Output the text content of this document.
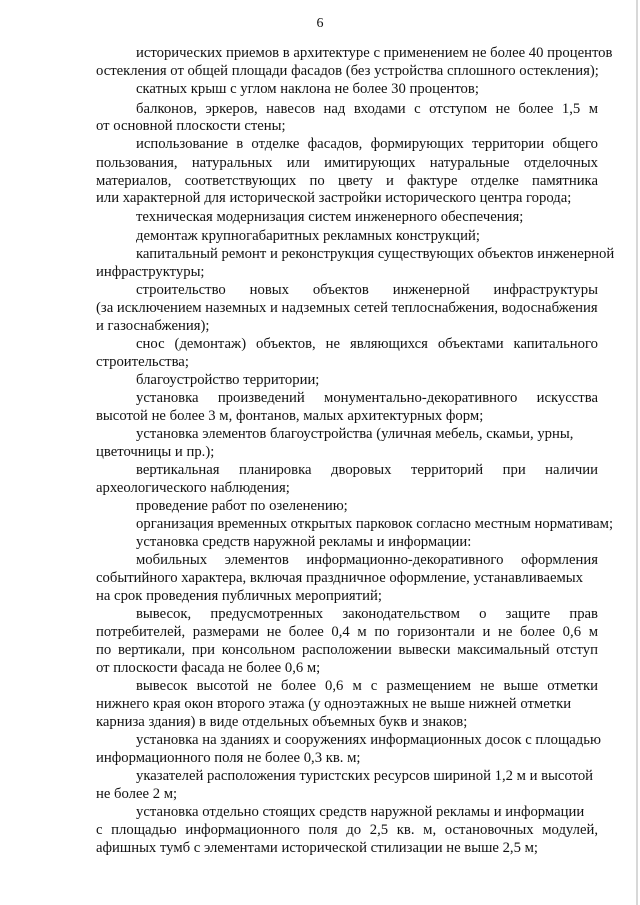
6
исторических приемов в архитектуре с применением не более 40 процентов
остекления от общей площади фасадов (без устройства сплошного остекления);
скатных крыш с углом наклона не более 30 процентов;
балконов, эркеров, навесов над входами с отступом не более 1,5 м
от основной плоскости стены;
использование в отделке фасадов, формирующих территории общего
пользования, натуральных или имитирующих натуральные отделочных
материалов, соответствующих по цвету и фактуре отделке памятника
или характерной для исторической застройки исторического центра города;
техническая модернизация систем инженерного обеспечения;
демонтаж крупногабаритных рекламных конструкций;
капитальный ремонт и реконструкция существующих объектов инженерной
инфраструктуры;
строительство новых объектов инженерной инфраструктуры
(за исключением наземных и надземных сетей теплоснабжения, водоснабжения
и газоснабжения);
снос (демонтаж) объектов, не являющихся объектами капитального
строительства;
благоустройство территории;
установка произведений монументально-декоративного искусства
высотой не более 3 м, фонтанов, малых архитектурных форм;
установка элементов благоустройства (уличная мебель, скамьи, урны,
цветочницы и пр.);
вертикальная планировка дворовых территорий при наличии
археологического наблюдения;
проведение работ по озеленению;
организация временных открытых парковок согласно местным нормативам;
установка средств наружной рекламы и информации:
мобильных элементов информационно-декоративного оформления
событийного характера, включая праздничное оформление, устанавливаемых
на срок проведения публичных мероприятий;
вывесок, предусмотренных законодательством о защите прав
потребителей, размерами не более 0,4 м по горизонтали и не более 0,6 м
по вертикали, при консольном расположении вывески максимальный отступ
от плоскости фасада не более 0,6 м;
вывесок высотой не более 0,6 м с размещением не выше отметки
нижнего края окон второго этажа (у одноэтажных не выше нижней отметки
карниза здания) в виде отдельных объемных букв и знаков;
установка на зданиях и сооружениях информационных досок с площадью
информационного поля не более 0,3 кв. м;
указателей расположения туристских ресурсов шириной 1,2 м и высотой
не более 2 м;
установка отдельно стоящих средств наружной рекламы и информации
с площадью информационного поля до 2,5 кв. м, остановочных модулей,
афишных тумб с элементами исторической стилизации не выше 2,5 м;
